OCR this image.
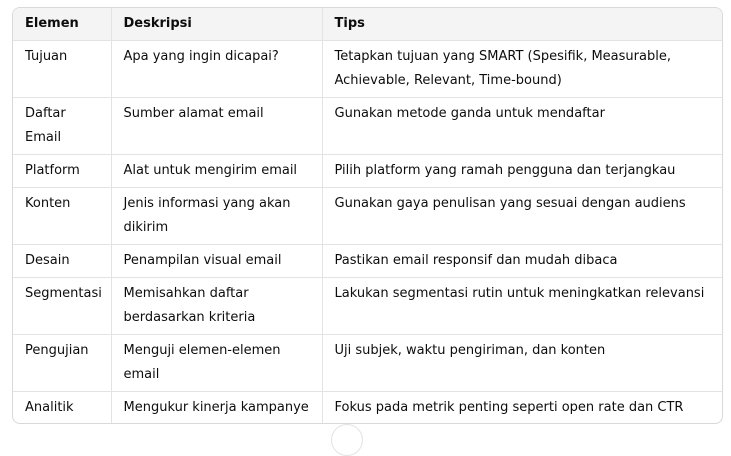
Elemen	Deskripsi	Tips
Tujuan	Apa yang ingin dicapai?	Tetapkan tujuan yang SMART (Spesifik, Measurable, Achievable, Relevant, Time-bound)
Daftar Email	Sumber alamat email	Gunakan metode ganda untuk mendaftar
Platform	Alat untuk mengirim email	Pilih platform yang ramah pengguna dan terjangkau
Konten	Jenis informasi yang akan dikirim	Gunakan gaya penulisan yang sesuai dengan audiens
Desain	Penampilan visual email	Pastikan email responsif dan mudah dibaca
Segmentasi	Memisahkan daftar berdasarkan kriteria	Lakukan segmentasi rutin untuk meningkatkan relevansi
Pengujian	Menguji elemen-elemen email	Uji subjek, waktu pengiriman, dan konten
Analitik	Mengukur kinerja kampanye	Fokus pada metrik penting seperti open rate dan CTR
